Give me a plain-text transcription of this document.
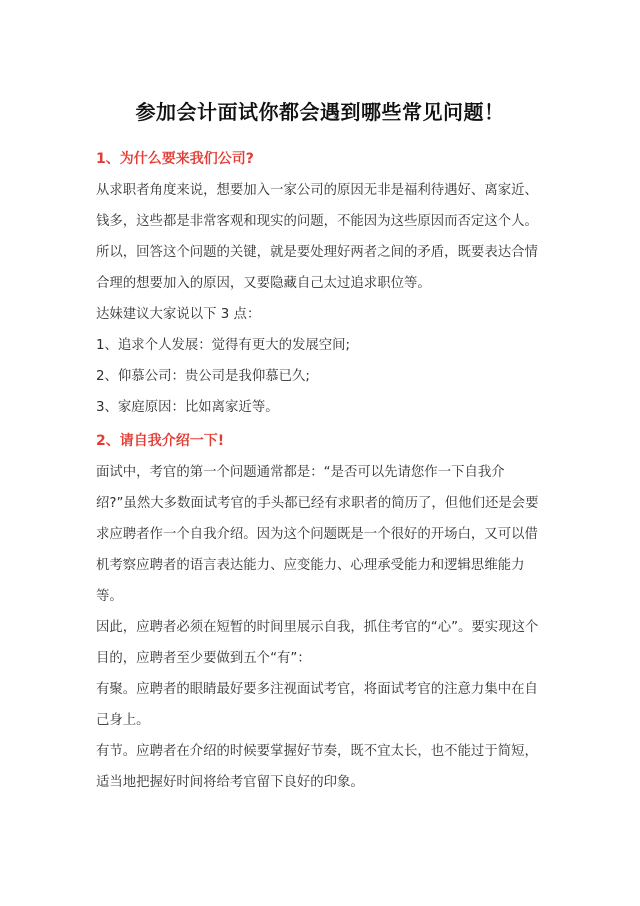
参加会计面试你都会遇到哪些常见问题！
1、为什么要来我们公司?

从求职者角度来说，想要加入一家公司的原因无非是福利待遇好、离家近、钱多，这些都是非常客观和现实的问题，不能因为这些原因而否定这个人。

所以，回答这个问题的关键，就是要处理好两者之间的矛盾，既要表达合情合理的想要加入的原因，又要隐藏自己太过追求职位等。

达妹建议大家说以下 3 点：

1、追求个人发展：觉得有更大的发展空间;

2、仰慕公司：贵公司是我仰慕已久;

3、家庭原因：比如离家近等。

2、请自我介绍一下!

面试中，考官的第一个问题通常都是：“是否可以先请您作一下自我介绍?”虽然大多数面试考官的手头都已经有求职者的简历了，但他们还是会要求应聘者作一个自我介绍。因为这个问题既是一个很好的开场白，又可以借机考察应聘者的语言表达能力、应变能力、心理承受能力和逻辑思维能力等。

因此，应聘者必须在短暂的时间里展示自我，抓住考官的“心”。要实现这个目的，应聘者至少要做到五个“有”：

有聚。应聘者的眼睛最好要多注视面试考官，将面试考官的注意力集中在自己身上。

有节。应聘者在介绍的时候要掌握好节奏，既不宜太长，也不能过于简短，适当地把握好时间将给考官留下良好的印象。
